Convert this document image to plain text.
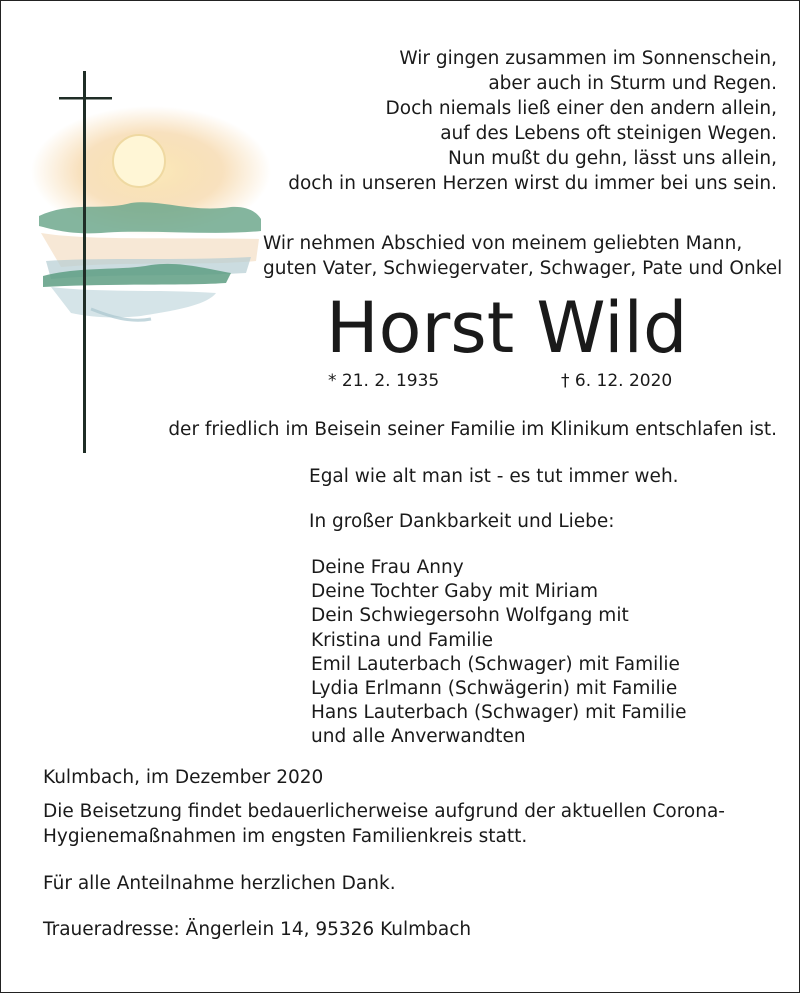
Wir gingen zusammen im Sonnenschein,
aber auch in Sturm und Regen.
Doch niemals ließ einer den andern allein,
auf des Lebens oft steinigen Wegen.
Nun mußt du gehn, lässt uns allein,
doch in unseren Herzen wirst du immer bei uns sein.
Wir nehmen Abschied von meinem geliebten Mann,
guten Vater, Schwiegervater, Schwager, Pate und Onkel
Horst Wild
* 21. 2. 1935	† 6. 12. 2020
der friedlich im Beisein seiner Familie im Klinikum entschlafen ist.
Egal wie alt man ist - es tut immer weh.
In großer Dankbarkeit und Liebe:
Deine Frau Anny
Deine Tochter Gaby mit Miriam
Dein Schwiegersohn Wolfgang mit
Kristina und Familie
Emil Lauterbach (Schwager) mit Familie
Lydia Erlmann (Schwägerin) mit Familie
Hans Lauterbach (Schwager) mit Familie
und alle Anverwandten
Kulmbach, im Dezember 2020
Die Beisetzung findet bedauerlicherweise aufgrund der aktuellen Corona-
Hygienemaßnahmen im engsten Familienkreis statt.
Für alle Anteilnahme herzlichen Dank.
Traueradresse: Ängerlein 14, 95326 Kulmbach
